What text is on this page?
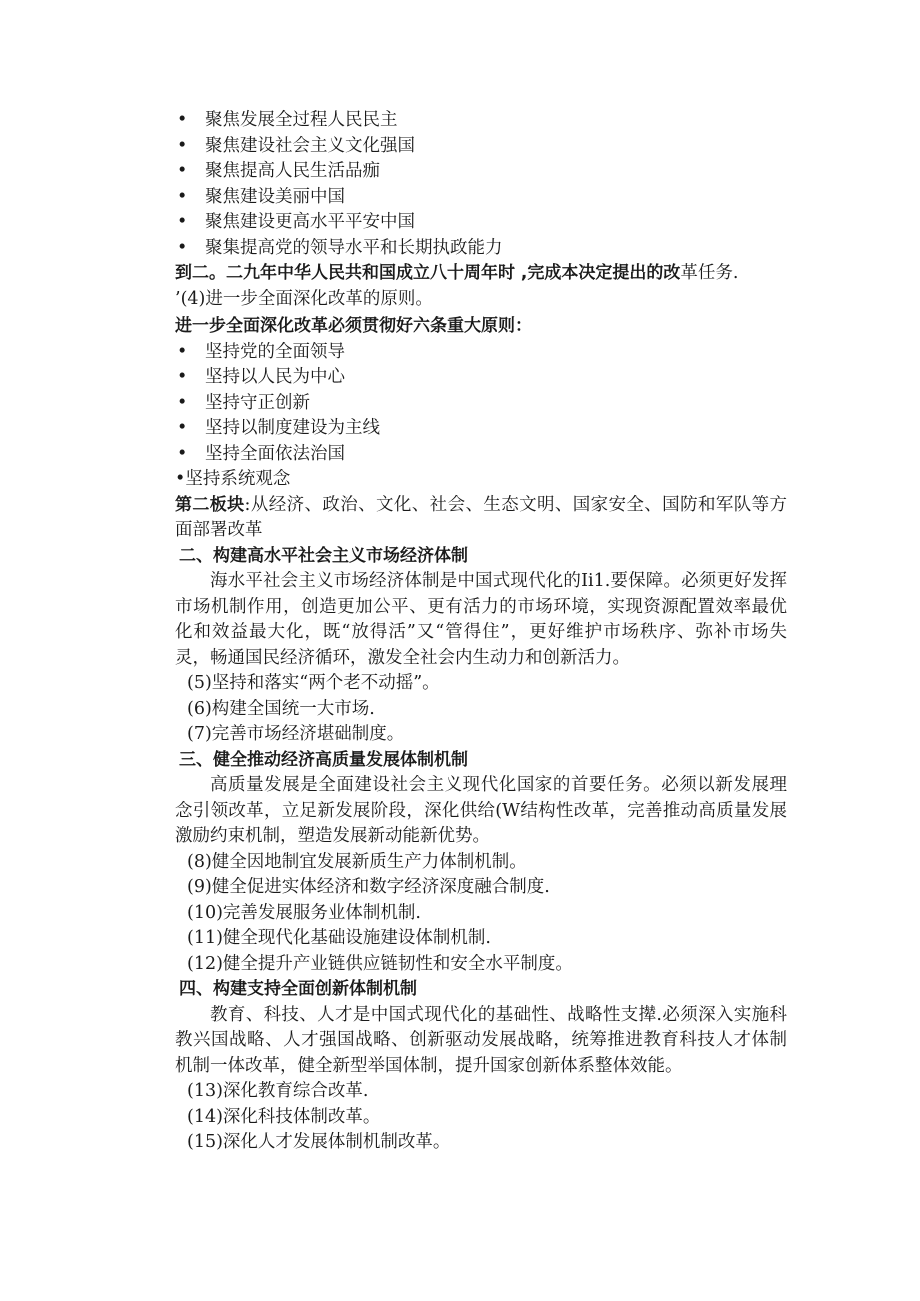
• 聚焦发展全过程人民民主
• 聚焦建设社会主义文化强国
• 聚焦提高人民生活品痂
• 聚焦建设美丽中国
• 聚焦建设更高水平平安中国
• 聚集提高党的领导水平和长期执政能力
到二。二九年中华人民共和国成立八十周年时 ,完成本决定提出的改革任务.
’(4)进一步全面深化改革的原则。
进一步全面深化改革必须贯彻好六条重大原则：
• 坚持党的全面领导
• 坚持以人民为中心
• 坚持守正创新
• 坚持以制度建设为主线
• 坚持全面依法治国
•坚持系统观念

第二板块:从经济、政治、文化、社会、生态文明、国家安全、国防和军队等方面部署改革

二、构建高水平社会主义市场经济体制

海水平社会主义市场经济体制是中国式现代化的Ii1.要保障。必须更好发挥市场机制作用，创造更加公平、更有活力的市场环境，实现资源配置效率最优化和效益最大化，既“放得活”又“管得住”，更好维护市场秩序、弥补市场失灵，畅通国民经济循环，激发全社会内生动力和创新活力。

(5)坚持和落实“两个老不动摇”。
(6)构建全国统一大市场.
(7)完善市场经济堪础制度。
三、健全推动经济高质量发展体制机制

高质量发展是全面建设社会主义现代化国家的首要任务。必须以新发展理念引领改革，立足新发展阶段，深化供给(W结构性改革，完善推动高质量发展激励约束机制，塑造发展新动能新优势。

(8)健全因地制宜发展新质生产力体制机制。
(9)健全促进实体经济和数字经济深度融合制度.
(10)完善发展服务业体制机制.
(11)健全现代化基础设施建设体制机制.
(12)健全提升产业链供应链韧性和安全水平制度。
四、构建支持全面创新体制机制

教育、科技、人才是中国式现代化的基础性、战略性支撵.必须深入实施科教兴国战略、人才强国战略、创新驱动发展战略，统筹推进教育科技人才体制机制一体改革，健全新型举国体制，提升国家创新体系整体效能。

(13)深化教育综合改革.
(14)深化科技体制改革。
(15)深化人才发展体制机制改革。
